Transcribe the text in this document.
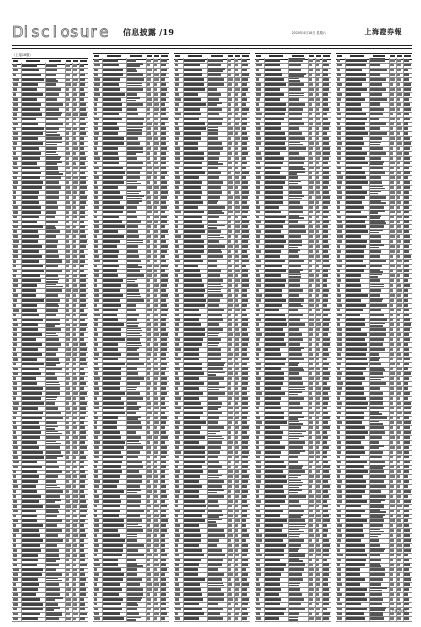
D i s c l o s u r e 信息披露 /19	2020年4月18日 星期六	上海證券報
（上接18版）
（下转20版）
